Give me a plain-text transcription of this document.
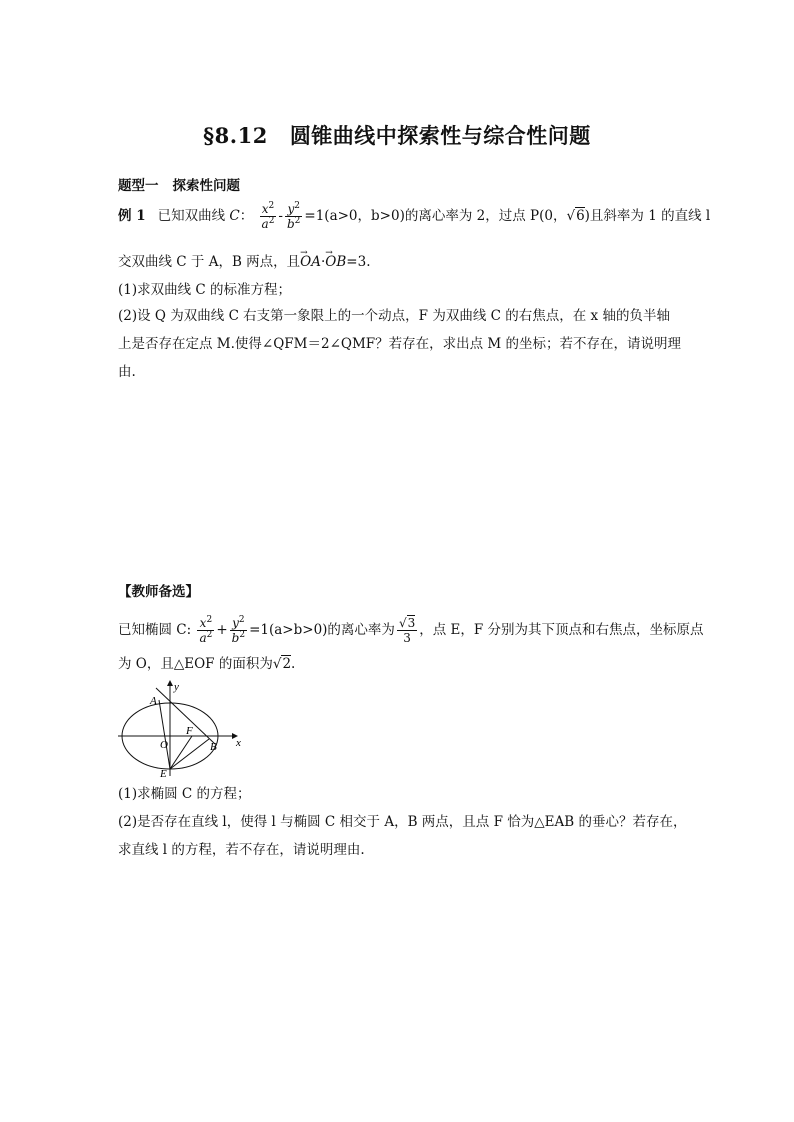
§8.12 圆锥曲线中探索性与综合性问题
题型一 探索性问题
例 1 已知双曲线 C： $\frac{x^2}{a^2} - \frac{y^2}{b^2} =1(a>0$，b>0)的离心率为 2，过点 P(0，√6)且斜率为 1 的直线 l
交双曲线 C 于 A，B 两点，且→ OA·→ OB=3.
(1)求双曲线 C 的标准方程；
(2)设 Q 为双曲线 C 右支第一象限上的一个动点，F 为双曲线 C 的右焦点，在 x 轴的负半轴
上是否存在定点 M.使得∠QFM＝2∠QMF？若存在，求出点 M 的坐标；若不存在，请说明理
由.
【教师备选】
已知椭圆 C: $\frac{x^2}{a^2} + \frac{y^2}{b^2} =1(a>b>0)$的离心率为 $\frac{√3}{3}$ ，点 E，F 分别为其下顶点和右焦点，坐标原点
为 O，且△EOF 的面积为√2.
y
x
A
F
O	B
E
(1)求椭圆 C 的方程；
(2)是否存在直线 l，使得 l 与椭圆 C 相交于 A，B 两点，且点 F 恰为△EAB 的垂心？若存在，
求直线 l 的方程，若不存在，请说明理由.
